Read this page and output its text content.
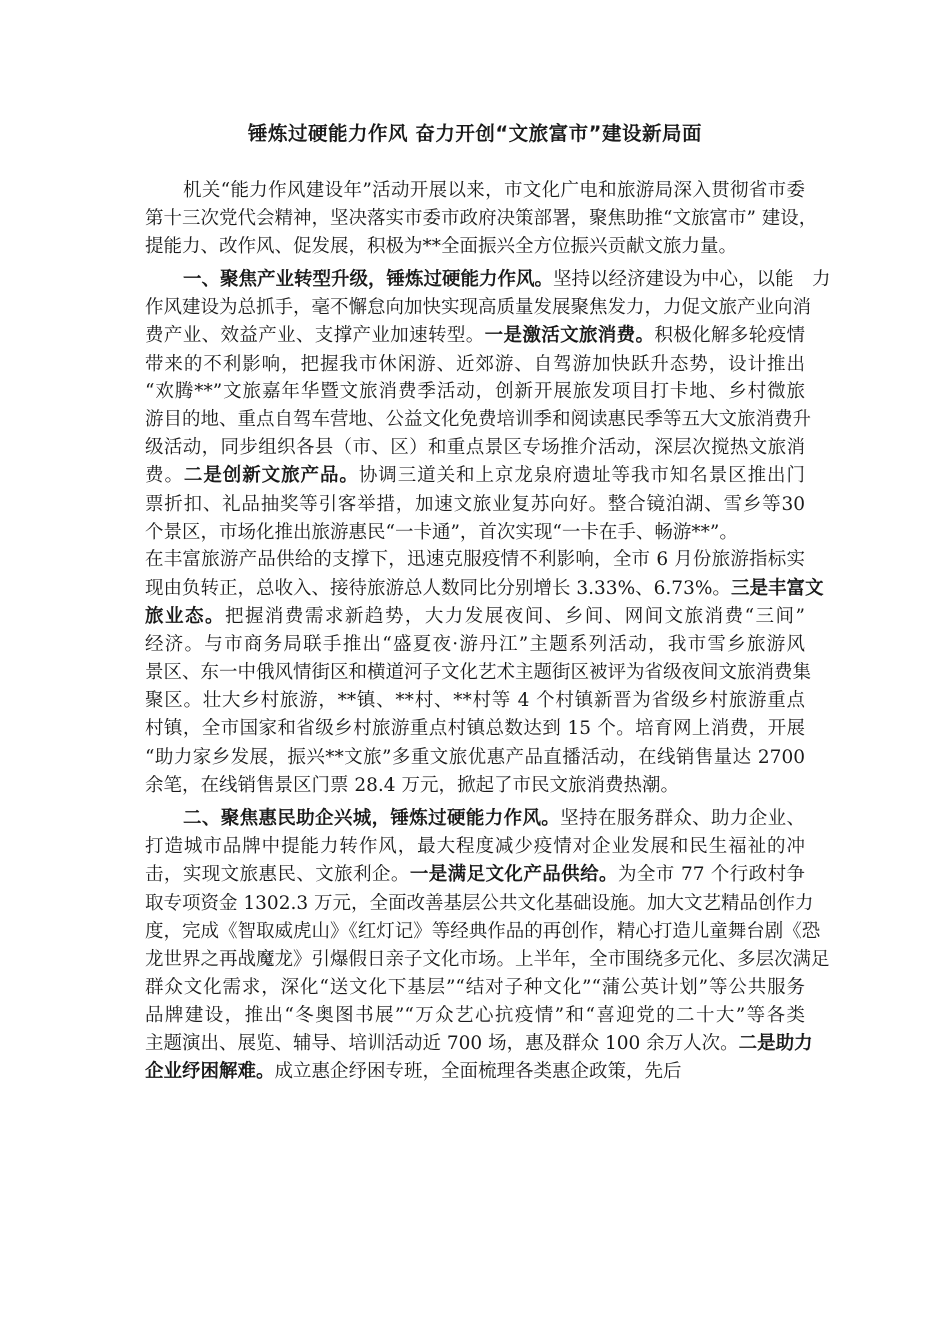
锤炼过硬能力作风 奋力开创“文旅富市”建设新局面
机关“能力作风建设年”活动开展以来，市文化广电和旅游局深入贯彻省市委
第十三次党代会精神，坚决落实市委市政府决策部署，聚焦助推“文旅富市” 建设，
提能力、改作风、促发展，积极为**全面振兴全方位振兴贡献文旅力量。
一、聚焦产业转型升级，锤炼过硬能力作风。坚持以经济建设为中心，以能　力
作风建设为总抓手，毫不懈怠向加快实现高质量发展聚焦发力，力促文旅产业向消
费产业、效益产业、支撑产业加速转型。一是激活文旅消费。积极化解多轮疫情
带来的不利影响，把握我市休闲游、近郊游、自驾游加快跃升态势，设计推出
“欢腾**”文旅嘉年华暨文旅消费季活动，创新开展旅发项目打卡地、乡村微旅
游目的地、重点自驾车营地、公益文化免费培训季和阅读惠民季等五大文旅消费升
级活动，同步组织各县（市、区）和重点景区专场推介活动，深层次搅热文旅消
费。二是创新文旅产品。协调三道关和上京龙泉府遗址等我市知名景区推出门
票折扣、礼品抽奖等引客举措，加速文旅业复苏向好。整合镜泊湖、雪乡等30
个景区，市场化推出旅游惠民“一卡通”，首次实现“一卡在手、畅游**”。
在丰富旅游产品供给的支撑下，迅速克服疫情不利影响，全市 6 月份旅游指标实
现由负转正，总收入、接待旅游总人数同比分别增长 3.33%、6.73%。三是丰富文
旅业态。把握消费需求新趋势，大力发展夜间、乡间、网间文旅消费“三间”
经济。与市商务局联手推出“盛夏夜·游丹江”主题系列活动，我市雪乡旅游风
景区、东一中俄风情街区和横道河子文化艺术主题街区被评为省级夜间文旅消费集
聚区。壮大乡村旅游，**镇、**村、**村等 4 个村镇新晋为省级乡村旅游重点
村镇，全市国家和省级乡村旅游重点村镇总数达到 15 个。培育网上消费，开展
“助力家乡发展，振兴**文旅”多重文旅优惠产品直播活动，在线销售量达 2700
余笔，在线销售景区门票 28.4 万元，掀起了市民文旅消费热潮。
二、聚焦惠民助企兴城，锤炼过硬能力作风。坚持在服务群众、助力企业、
打造城市品牌中提能力转作风，最大程度减少疫情对企业发展和民生福祉的冲
击，实现文旅惠民、文旅利企。一是满足文化产品供给。为全市 77 个行政村争
取专项资金 1302.3 万元，全面改善基层公共文化基础设施。加大文艺精品创作力
度，完成《智取威虎山》《红灯记》等经典作品的再创作，精心打造儿童舞台剧《恐
龙世界之再战魔龙》引爆假日亲子文化市场。上半年，全市围绕多元化、多层次满足
群众文化需求，深化“送文化下基层”“结对子种文化”“蒲公英计划”等公共服务
品牌建设，推出“冬奥图书展”“万众艺心抗疫情”和“喜迎党的二十大”等各类
主题演出、展览、辅导、培训活动近 700 场，惠及群众 100 余万人次。二是助力
企业纾困解难。成立惠企纾困专班，全面梳理各类惠企政策，先后
